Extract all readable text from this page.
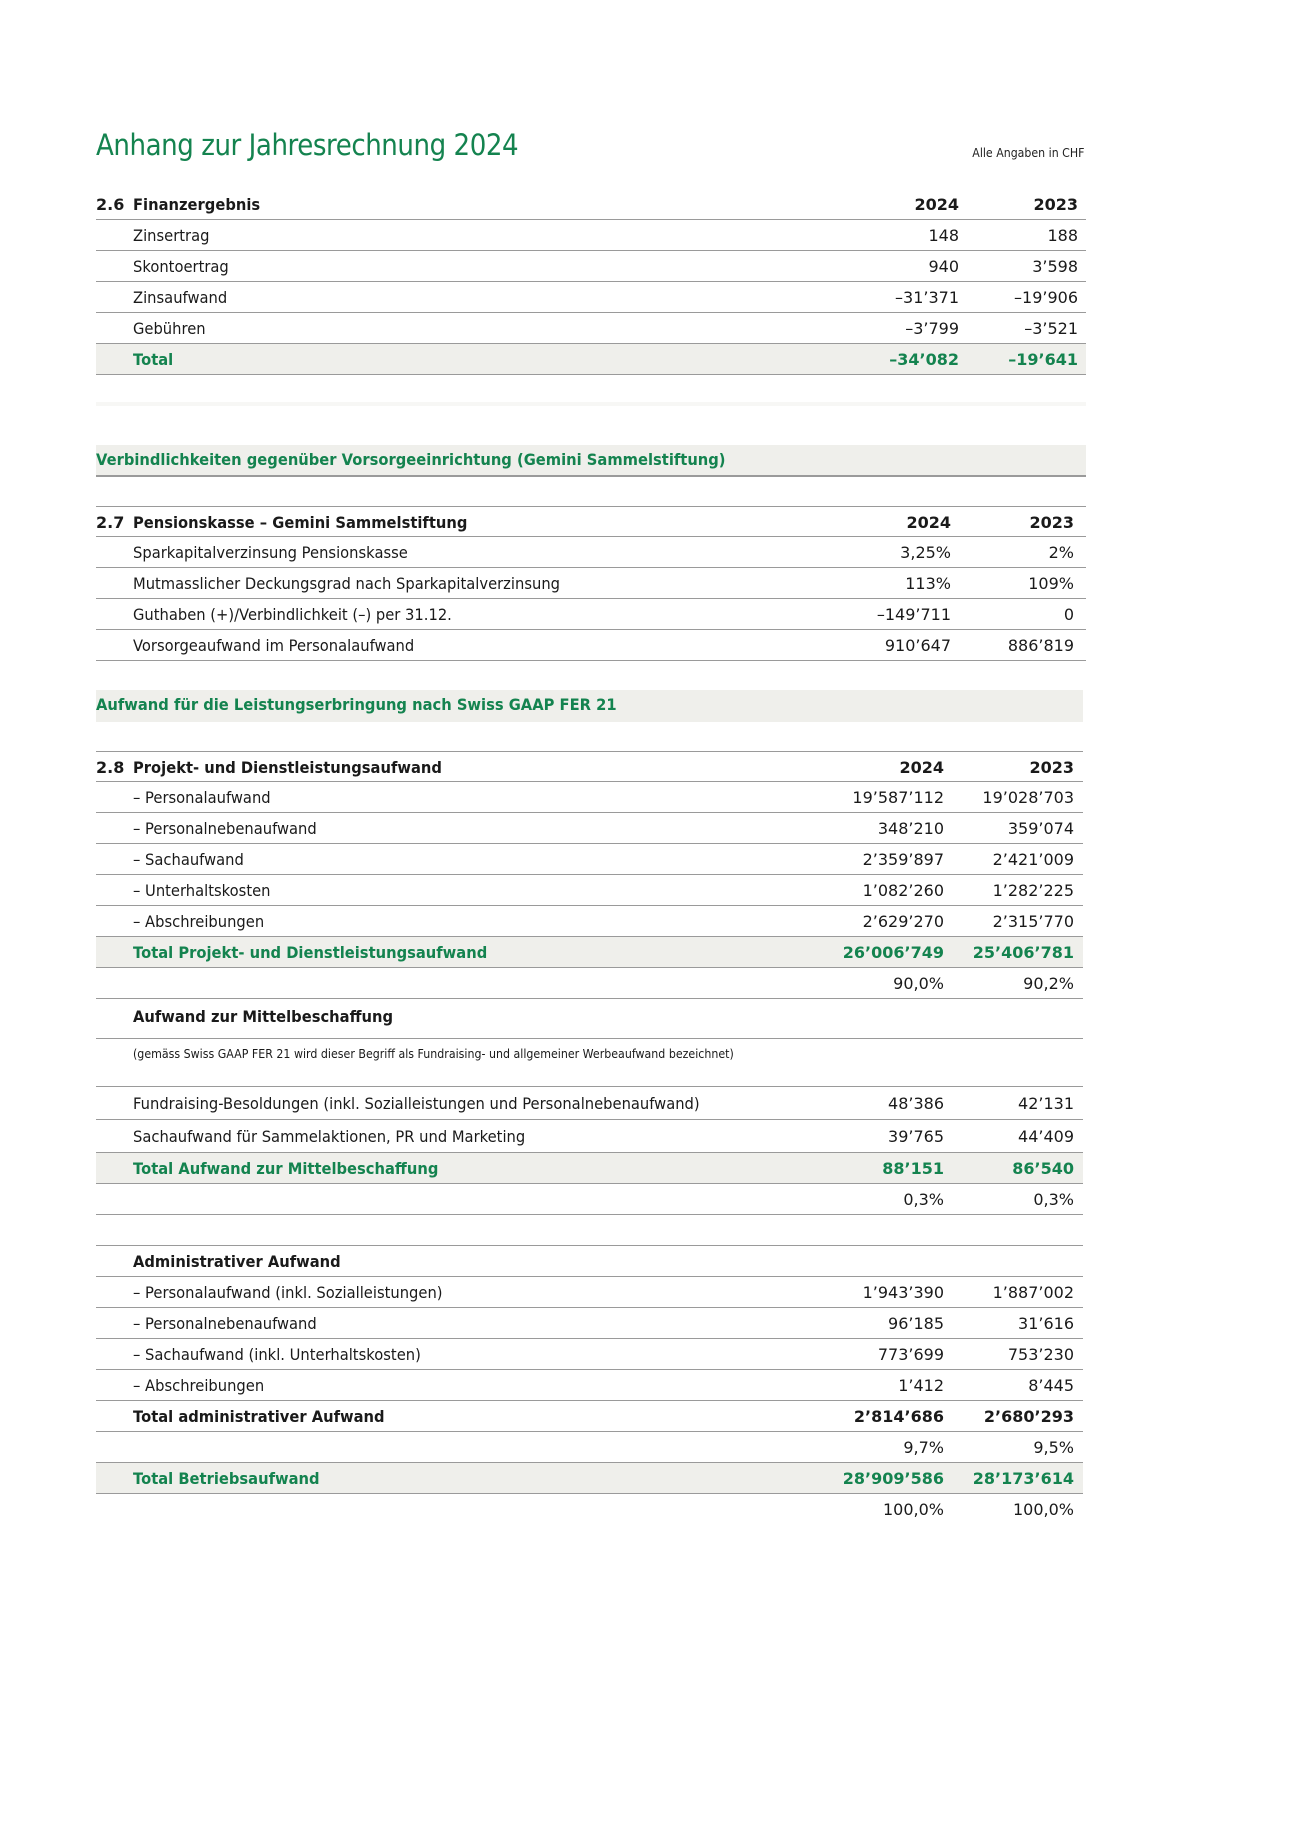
Anhang zur Jahresrechnung 2024	Alle Angaben in CHF
2.6 Finanzergebnis	2024	2023
Zinsertrag	148	188
Skontoertrag	940	3’598
Zinsaufwand	–31’371	–19’906
Gebühren	–3’799	–3’521
Total	–34’082	–19’641
Verbindlichkeiten gegenüber Vorsorgeeinrichtung (Gemini Sammelstiftung)
2.7 Pensionskasse – Gemini Sammelstiftung	2024	2023
Sparkapitalverzinsung Pensionskasse	3,25%	2%
Mutmasslicher Deckungsgrad nach Sparkapitalverzinsung	113%	109%
Guthaben (+)/Verbindlichkeit (–) per 31.12.	–149’711	0
Vorsorgeaufwand im Personalaufwand	910’647	886’819
Aufwand für die Leistungserbringung nach Swiss GAAP FER 21
2.8 Projekt- und Dienstleistungsaufwand	2024	2023
– Personalaufwand	19’587’112 19’028’703
– Personalnebenaufwand	348’210	359’074
– Sachaufwand	2’359’897	2’421’009
– Unterhaltskosten	1’082’260	1’282’225
– Abschreibungen	2’629’270	2’315’770
Total Projekt- und Dienstleistungsaufwand	26’006’749 25’406’781
90,0%	90,2%
Aufwand zur Mittelbeschaffung
(gemäss Swiss GAAP FER 21 wird dieser Begriff als Fundraising- und allgemeiner Werbeaufwand bezeichnet)
Fundraising-Besoldungen (inkl. Sozialleistungen und Personalnebenaufwand)	48’386	42’131
Sachaufwand für Sammelaktionen, PR und Marketing	39’765	44’409
Total Aufwand zur Mittelbeschaffung	88’151	86’540
0,3%	0,3%
Administrativer Aufwand
– Personalaufwand (inkl. Sozialleistungen)	1’943’390	1’887’002
– Personalnebenaufwand	96’185	31’616
– Sachaufwand (inkl. Unterhaltskosten)	773’699	753’230
– Abschreibungen	1’412	8’445
Total administrativer Aufwand	2’814’686 2’680’293
9,7%	9,5%
Total Betriebsaufwand	28’909’586 28’173’614
100,0%	100,0%
